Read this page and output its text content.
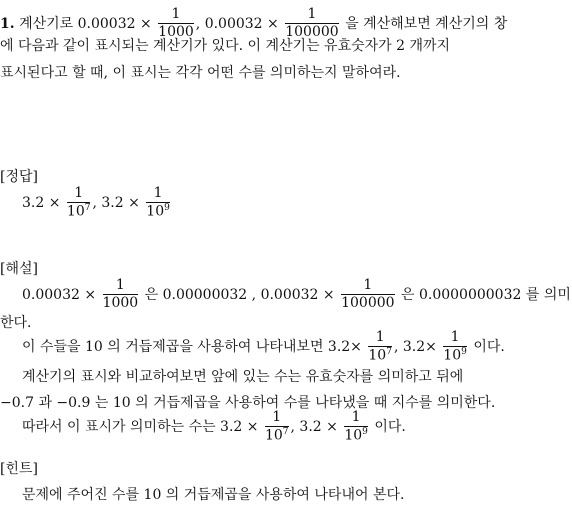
1. 계산기로 $0.00032 \times \frac{1}{1000}$ , $0.00032 \times \frac{1}{100000}$ 을 계산해보면 계산기의 창
에 다음과 같이 표시되는 계산기가 있다. 이 계산기는 유효숫자가 2 개까지
표시된다고 할 때, 이 표시는 각각 어떤 수를 의미하는지 말하여라.
[정답]
$3.2 \times \frac{1}{10^7}$ , $3.2 \times \frac{1}{10^9}$
[해설]
$0.00032 \times \frac{1}{1000}$ 은 0.00000032 , $0.00032 \times \frac{1}{100000}$ 은 0.0000000032 를 의미
한다.
이 수들을 10 의 거듭제곱을 사용하여 나타내보면 $3.2\times \frac{1}{10^7}$ , $3.2\times \frac{1}{10^9}$ 이다.
계산기의 표시와 비교하여보면 앞에 있는 수는 유효숫자를 의미하고 뒤에
−0.7 과 −0.9 는 10 의 거듭제곱을 사용하여 수를 나타냈을 때 지수를 의미한다.
따라서 이 표시가 의미하는 수는 $3.2 \times \frac{1}{10^7}$ , $3.2 \times \frac{1}{10^9}$ 이다.
[힌트]
문제에 주어진 수를 10 의 거듭제곱을 사용하여 나타내어 본다.
